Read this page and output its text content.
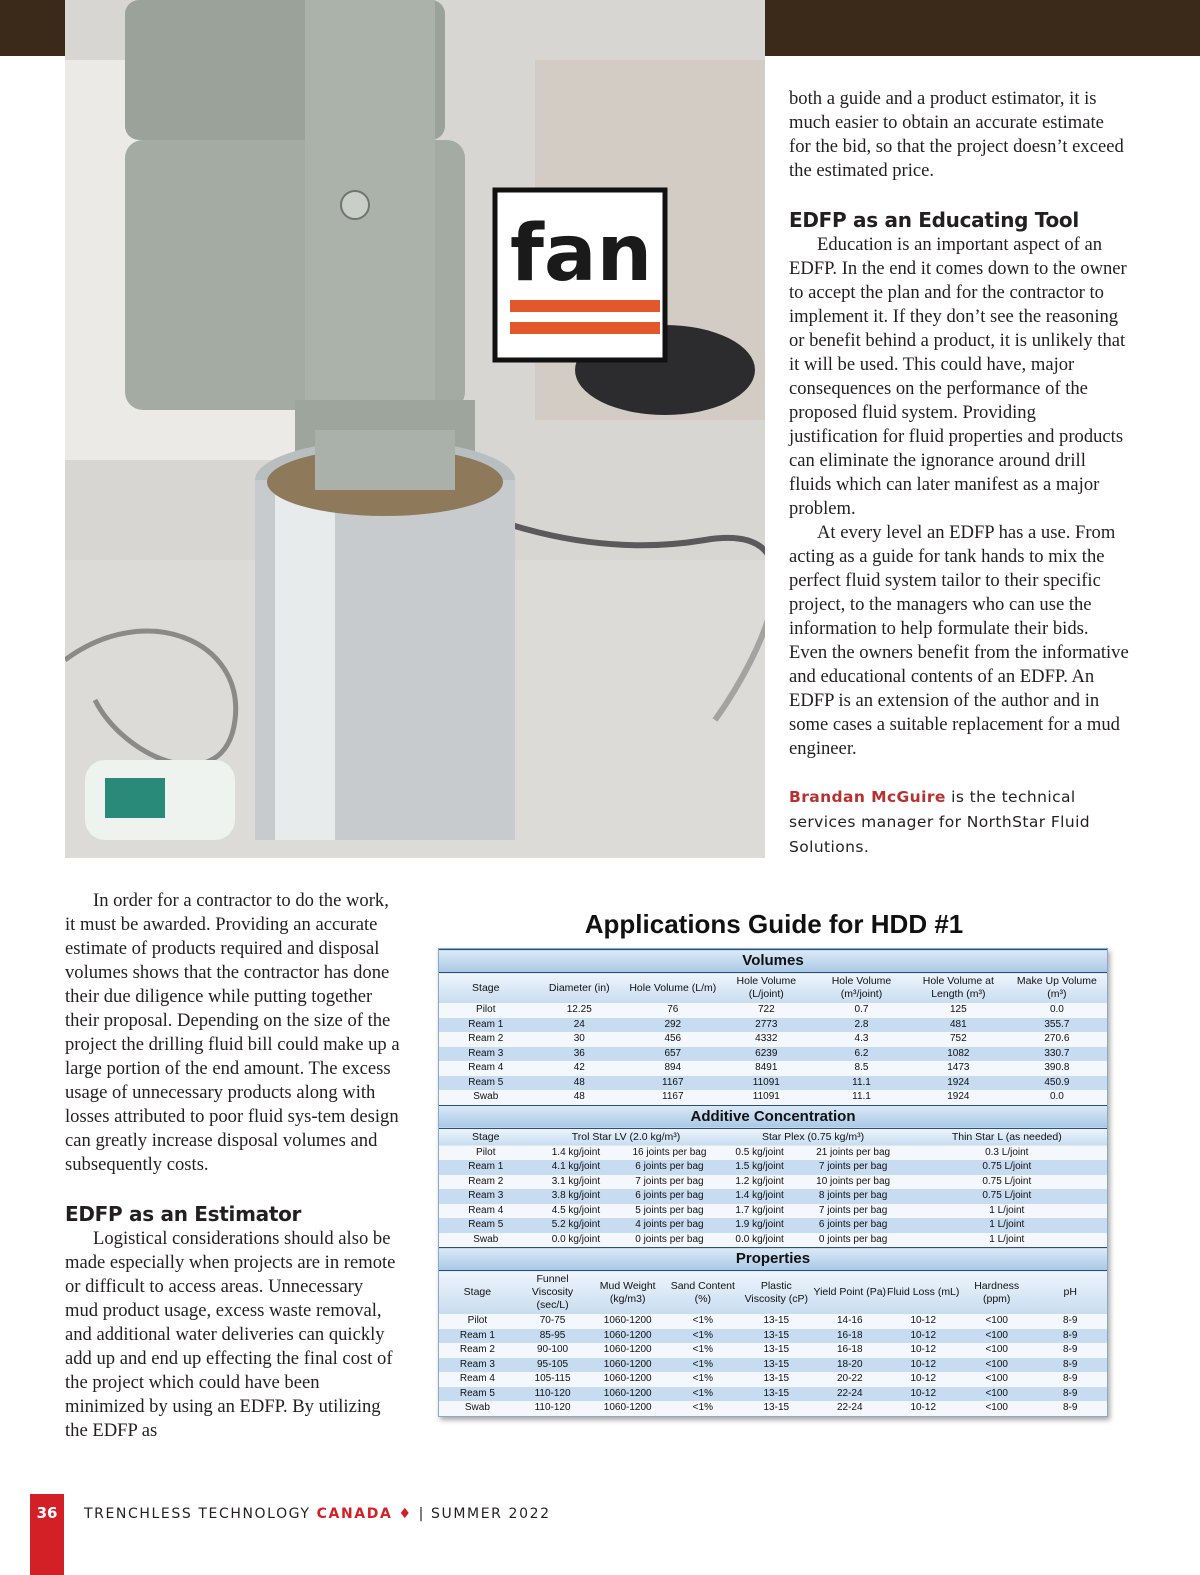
fan

both a guide and a product estimator, it is much easier to obtain an accurate estimate for the bid, so that the project doesn’t exceed the estimated price.

EDFP as an Educating Tool

Education is an important aspect of an EDFP. In the end it comes down to the owner to accept the plan and for the contractor to implement it. If they don’t see the reasoning or benefit behind a product, it is unlikely that it will be used. This could have, major consequences on the performance of the proposed fluid system. Providing justification for fluid properties and products can eliminate the ignorance around drill fluids which can later manifest as a major problem.

At every level an EDFP has a use. From acting as a guide for tank hands to mix the perfect fluid system tailor to their specific project, to the managers who can use the information to help formulate their bids. Even the owners benefit from the informative and educational contents of an EDFP. An EDFP is an extension of the author and in some cases a suitable replacement for a mud engineer.

Brandan McGuire is the technical services manager for NorthStar Fluid Solutions.

In order for a contractor to do the work, it must be awarded. Providing an accurate estimate of products required and disposal volumes shows that the contractor has done their due diligence while putting together their proposal. Depending on the size of the project the drilling fluid bill could make up a large portion of the end amount. The excess usage of unnecessary products along with losses attributed to poor fluid sys-tem design can greatly increase disposal volumes and subsequently costs.

EDFP as an Estimator

Logistical considerations should also be made especially when projects are in remote or difficult to access areas. Unnecessary mud product usage, excess waste removal, and additional water deliveries can quickly add up and end up effecting the final cost of the project which could have been minimized by using an EDFP. By utilizing the EDFP as

Applications Guide for HDD #1
Volumes						
Stage	Diameter (in)	Hole Volume (L/m)	Hole Volume (L/joint)	Hole Volume (m³/joint)	Hole Volume at Length (m³)	Make Up Volume (m³)
Pilot	12.25	76	722	0.7	125	0.0
Ream 1	24	292	2773	2.8	481	355.7
Ream 2	30	456	4332	4.3	752	270.6
Ream 3	36	657	6239	6.2	1082	330.7
Ream 4	42	894	8491	8.5	1473	390.8
Ream 5	48	1167	11091	11.1	1924	450.9
Swab	48	1167	11091	11.1	1924	0.0
Additive Concentration					
Stage	Trol Star LV (2.0 kg/m³)		Star Plex (0.75 kg/m³)		Thin Star L (as needed)
Pilot	1.4 kg/joint	16 joints per bag	0.5 kg/joint	21 joints per bag	0.3 L/joint
Ream 1	4.1 kg/joint	6 joints per bag	1.5 kg/joint	7 joints per bag	0.75 L/joint
Ream 2	3.1 kg/joint	7 joints per bag	1.2 kg/joint	10 joints per bag	0.75 L/joint
Ream 3	3.8 kg/joint	6 joints per bag	1.4 kg/joint	8 joints per bag	0.75 L/joint
Ream 4	4.5 kg/joint	5 joints per bag	1.7 kg/joint	7 joints per bag	1 L/joint
Ream 5	5.2 kg/joint	4 joints per bag	1.9 kg/joint	6 joints per bag	1 L/joint
Swab	0.0 kg/joint	0 joints per bag	0.0 kg/joint	0 joints per bag	1 L/joint
Properties								
Stage	Funnel Viscosity (sec/L)	Mud Weight (kg/m3)	Sand Content (%)	Plastic Viscosity (cP)	Yield Point (Pa)	Fluid Loss (mL)	Hardness (ppm)	pH
Pilot	70-75	1060-1200	<1%	13-15	14-16	10-12	<100	8-9
Ream 1	85-95	1060-1200	<1%	13-15	16-18	10-12	<100	8-9
Ream 2	90-100	1060-1200	<1%	13-15	16-18	10-12	<100	8-9
Ream 3	95-105	1060-1200	<1%	13-15	18-20	10-12	<100	8-9
Ream 4	105-115	1060-1200	<1%	13-15	20-22	10-12	<100	8-9
Ream 5	110-120	1060-1200	<1%	13-15	22-24	10-12	<100	8-9
Swab	110-120	1060-1200	<1%	13-15	22-24	10-12	<100	8-9
36	TRENCHLESS TECHNOLOGY CANADA ♦ | SUMMER 2022
